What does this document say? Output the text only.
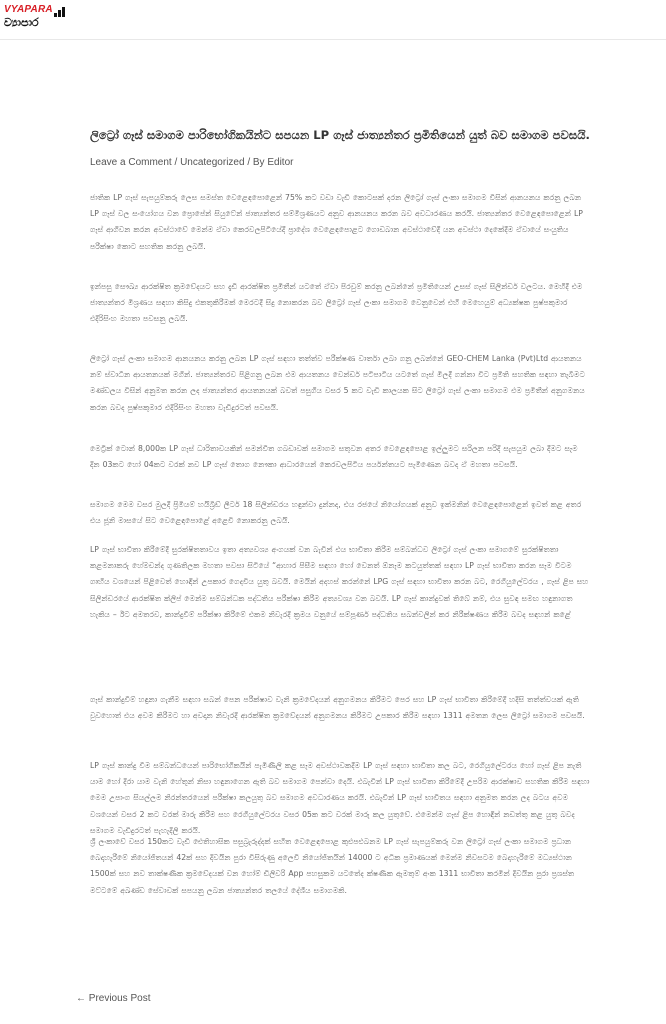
VYAPARA
ව්‍යාපාර
ලිට්‍රෝ ගෑස් සමාගම පාරිභෝගිකයින්ට සපයන LP ගෑස් ජාත්‍යන්තර ප්‍රමිතියෙන් යුත් බව සමාගම පවසයි.
Leave a Comment / Uncategorized / By Editor

ජාතික LP ගෑස් සැපයුම්කරු ලෙස සමස්ත වෙළෙඳපොළෙන් 75% කට වඩා වැඩි කොටසක් දරන ලිට්‍රෝ ගෑස් ලංකා සමාගම විසින් ආනයනය කරනු ලබන LP ගෑස් වල සංයෝගය වන ප්‍රොපේන් සියුටේන් ජාත්‍යන්තර සම්මිශ්‍රණයට අනුව ආනයනය කරන බව අවධාරණය කරයි. ජාත්‍යන්තර වෙළෙඳපොළෙන් LP ගෑස් ආගිවන කරන අවස්ථාවේ මෙන්ම ඒවා කෙරවලපිටියේදී ප්‍රාදේශ වෙළෙඳපොළට ගොඩබාන අවස්ථාවේදී යන අවස්ථා දෙකේදීම ඒවායේ සංයුතිය පරීක්ෂා කොට සහතික කරනු ලබයි.

ඉන්පසු සෞඛ්‍ය ආරක්ෂිත ක්‍රමවේදයට සහ දැඩි ආරක්ෂිත ප්‍රමිතීන් යටතේ ඒවා පිරවුම් කරනු ලබන්නේ ප්‍රමිතියෙන් උසස් ගෑස් සිලින්ඩර් වලටය. මෙහිදී එම ජාත්‍යන්තර මිශ්‍රණය සඳහා කිසිදු එකතුකිරීමක් මෙරටදී සිදු නොකරන බව ලිට්‍රෝ ගෑස් ලංකා සමාගම වෙනුවෙන් එහි මෙහෙයුම් අධ්‍යක්ෂක පුෂ්පකුමාර එදිරිසිංහ මහතා පවසනු ලබයි.

ලිට්‍රෝ ගෑස් ලංකා සමාගම ආනයනය කරනු ලබන LP ගෑස් සඳහා තත්ත්ව පරීක්ෂණ වාර්තා ලබා ගනු ලබන්නේ GEO-CHEM Lanka (Pvt)Ltd ආයතනය නම් ස්වාධීන ආයතනයක් මගින්. ජාත්‍යන්තරව පිළිගනු ලබන එම ආයතනය වෙන්ඩර් පටිපාටිය යටතේ ගෑස් මිලදී ගන්නා විට ප්‍රමිති සහතික සඳහා තැබීමට මණ්ඩලය විසින් අනුමත කරන ලද ජාත්‍යන්තර ආයතනයක් බවත් පසුගිය වසර 5 කට වැඩි කාලයක සිට ලිට්‍රෝ ගෑස් ලංකා සමාගම එම ප්‍රමිතීන් අනුගමනය කරන බවද පුෂ්පකුමාර එදිරිසිංහ මහතා වැඩිදුරටත් පවසයි.

මෙට්‍රික් ටොන් 8,000ක LP ගෑස් ධාරිතාවයකින් සමන්විත ගබඩාවක් සමාගම සතුවන අතර වෙළෙඳපොළ ඉල්ලුමට සරිලන පරිදි සැපයුම ලබා දීමට සෑම දින 03කට හෝ 04කට වරක් නව LP ගෑස් තොග නෞකා ආධාරයෙන් කෙරවලපිටිය පර්යන්තයට පැමිණෙන බවද ඒ මහතා පවසයි.

සමාගම මෙම වසර මුලදී ප්‍රිමියම් හයිබ්‍රිඩ් ලීටර් 18 සිලින්ඩරය හඳුන්වා දුන්නද, එය රජයේ නියෝගයක් අනුව ඉක්මනින් වෙළෙඳපොළෙන් ඉවත් කළ අතර එය ජූනි මාසයේ සිට වෙළෙඳපොළේ අළෙවි නොකරනු ලබයි.

LP ගෑස් භාවිතා කිරීමේදී සුරක්ෂිතතාවය ඉතා අත්‍යවශ්‍ය අංගයක් වන බැවින් එය භාවිතා කිරීම සම්බන්ධව ලිට්‍රෝ ගෑස් ලංකා සමාගමේ සුරක්ෂිතතා කළමනාකරු හේමචන්ද ගුණතිලක මහතා පවසා සිටියේ “ආහාර පිසීම සඳහා හෝ වෙනත් ඕනෑම කටයුත්තක් සඳහා LP ගෑස් භාවිතා කරන සෑම විටම ගෘහිය වශයෙන් පිළිවෙත් හොඳින් උපකාර ගෙදවිය යුතු බවයි. මෙයින් අදහස් කරන්නේ LPG ගෑස් සඳහා භාවිතා කරන බට, රෙගියුලේටරය , ගෑස් ළිප සහ සිලින්ඩරයේ ආරක්ෂිත ක්ලිප් මෙන්ම සම්බන්ධක පද්ධතිය පරීක්ෂා කිරීම අත්‍යවශ්‍ය වන බවයි. LP ගෑස් කාන්දුවක් තිබේ නම්, එය සුවඳ සමඟ හඳුනාගත හැකිය – ඊට අමතරව, කාන්දුවීම් පරීක්ෂා කිරීමේ එකම නිවැරදි ක්‍රමය වනුයේ සම්පූර්ණ පද්ධතිය සබන්වලින් කර නිරීක්ෂණය කිරීම බවද සඳහන් කළේ

ගෑස් කාන්දුවීම් හඳුනා ගැනීම සඳහා සබන් පෙන පරීක්ෂාව වැනි ක්‍රමවේදයන් අනුගමනය කිරීමට පෙර සහ LP ගෑස් භාවිතා කිරීමේදී හදිසි තත්ත්වයක් ඇති වුවහොත් එය අවම කිරීමට හා අවදාන නිවැරදි ආරක්ෂිත ක්‍රමවේදයන් අනුගමනය කිරීමට උපකාර කිරීම සඳහා 1311 අමතන ලෙස ලිට්‍රෝ සමාගම පවසයි.

LP ගෑස් කාන්දු වීම සම්බන්ධයෙන් පාරිභෝගිකයින් පැමිණිලි කළ සෑම අවස්ථාවකදීම LP ගෑස් සඳහා භාවිතා කල බට, රෙගියුලේටරය හෝ ගෑස් ළිප නැති යාම හෝ දිරා යාම වැනි හේතූන් නිසා හඳුනාගෙන ඇති බව සමාගම පෙන්වා දෙයි. එබැවින් LP ගෑස් භාවිතා කිරීමේදී උපරිම ආරක්ෂාව සහතික කිරීම සඳහා මෙම උපාංග සියල්ලම නිරන්තරයෙන් පරීක්ෂා කලයුතු බව සමාගම අවධාරණය කරයි. එබැවින් LP ගෑස් භාවිතය සඳහා අනුමත කරන ලද බටය අවම වශයෙන් වසර 2 කට වරක් මාරු කිරීම සහ රෙගියුලේටරය වසර 05ක කට වරක් මාරු කල යුතුවේ. එමෙන්ම ගෑස් ළිප හොඳින් නඩත්තු කළ යුතු බවද සමාගම වැඩිදුරටත් පැහැදිලි කරයි.

ශ්‍රී ලංකාවේ වසර 150කට වැඩි ඓතිහාසික පසුබ්‍රැරුද්දක් සහිත වෙළෙඳපොළ කුළුපළුබනම LP ගෑස් සැපයුම්කරු වන ලිට්‍රෝ ගෑස් ලංකා සමාගම ප්‍රධාන බෙදාහැරීමේ නියෝජිතයන් 42ක් සහ දිවයින පුරා විසිරුණු අලෙවි නියෝජිතයින් 14000 ට අධික ප්‍රමාණයක් මෙන්ම නිවසටම බෙදාහැරීමේ මධ්‍යස්ථාන 1500ක් සහ නව තාක්ෂණික ක්‍රමවේදයක් වන හෝම් ඩිලිවරි App පහසුකම යටතේද ක්ෂණික ඇමතුම් අංක 1311 භාවිතා කරමින් දිවයින පුරා ප්‍රශස්ත මට්ටමේ අඛණ්ඩ සේවාවක් සපයනු ලබන ජාත්‍යන්තර තලයේ දේශීය සමාගමකි.

← Previous Post
